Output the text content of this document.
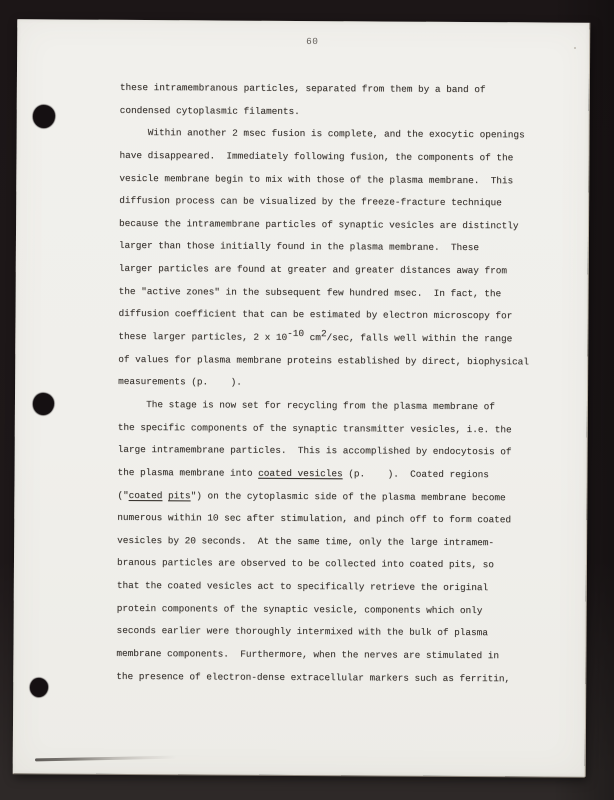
60
these intramembranous particles, separated from them by a band of
condensed cytoplasmic filaments.
Within another 2 msec fusion is complete, and the exocytic openings
have disappeared.  Immediately following fusion, the components of the
vesicle membrane begin to mix with those of the plasma membrane.  This
diffusion process can be visualized by the freeze-fracture technique
because the intramembrane particles of synaptic vesicles are distinctly
larger than those initially found in the plasma membrane.  These
larger particles are found at greater and greater distances away from
the "active zones" in the subsequent few hundred msec.  In fact, the
diffusion coefficient that can be estimated by electron microscopy for
these larger particles, 2 x 10-10 cm2/sec, falls well within the range
of values for plasma membrane proteins established by direct, biophysical
measurements (p.    ).
The stage is now set for recycling from the plasma membrane of
the specific components of the synaptic transmitter vesicles, i.e. the
large intramembrane particles.  This is accomplished by endocytosis of
the plasma membrane into coated vesicles (p.    ).  Coated regions
("coated pits") on the cytoplasmic side of the plasma membrane become
numerous within 10 sec after stimulation, and pinch off to form coated
vesicles by 20 seconds.  At the same time, only the large intramem-
branous particles are observed to be collected into coated pits, so
that the coated vesicles act to specifically retrieve the original
protein components of the synaptic vesicle, components which only
seconds earlier were thoroughly intermixed with the bulk of plasma
membrane components.  Furthermore, when the nerves are stimulated in
the presence of electron-dense extracellular markers such as ferritin,
